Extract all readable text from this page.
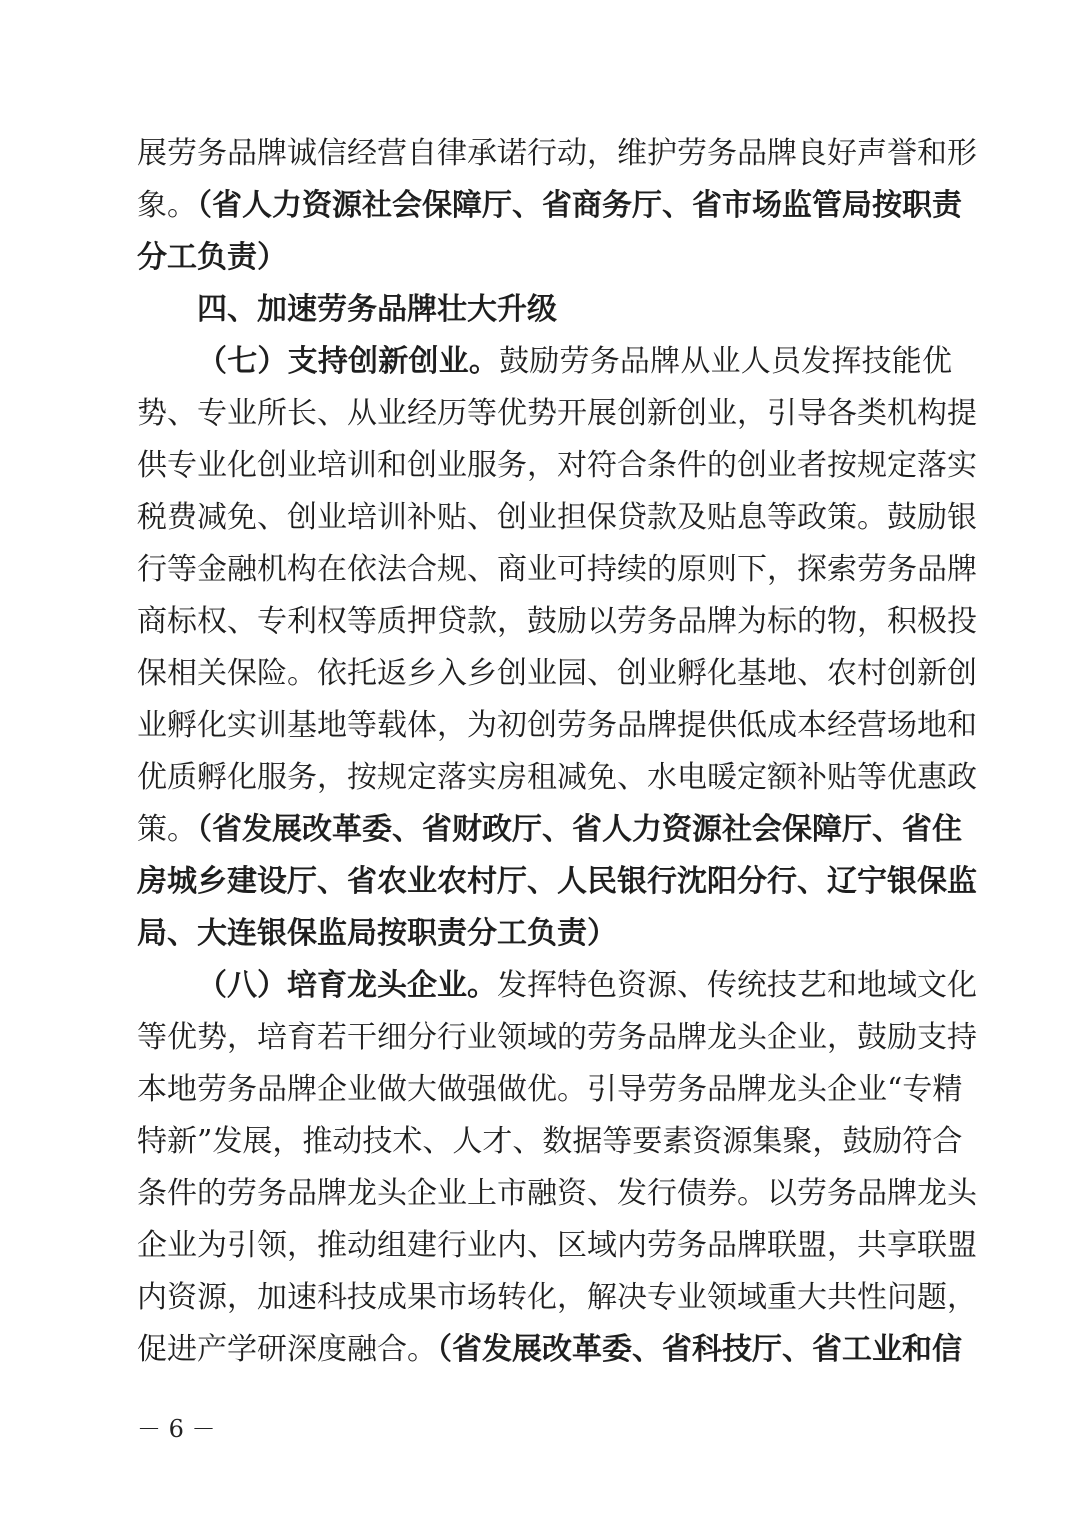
展劳务品牌诚信经营自律承诺行动，维护劳务品牌良好声誉和形
象。（省人力资源社会保障厅、省商务厅、省市场监管局按职责
分工负责）
四、加速劳务品牌壮大升级
（七）支持创新创业。鼓励劳务品牌从业人员发挥技能优
势、专业所长、从业经历等优势开展创新创业，引导各类机构提
供专业化创业培训和创业服务，对符合条件的创业者按规定落实
税费减免、创业培训补贴、创业担保贷款及贴息等政策。鼓励银
行等金融机构在依法合规、商业可持续的原则下，探索劳务品牌
商标权、专利权等质押贷款，鼓励以劳务品牌为标的物，积极投
保相关保险。依托返乡入乡创业园、创业孵化基地、农村创新创
业孵化实训基地等载体，为初创劳务品牌提供低成本经营场地和
优质孵化服务，按规定落实房租减免、水电暖定额补贴等优惠政
策。（省发展改革委、省财政厅、省人力资源社会保障厅、省住
房城乡建设厅、省农业农村厅、人民银行沈阳分行、辽宁银保监
局、大连银保监局按职责分工负责）
（八）培育龙头企业。发挥特色资源、传统技艺和地域文化
等优势，培育若干细分行业领域的劳务品牌龙头企业，鼓励支持
本地劳务品牌企业做大做强做优。引导劳务品牌龙头企业“专精
特新”发展，推动技术、人才、数据等要素资源集聚，鼓励符合
条件的劳务品牌龙头企业上市融资、发行债券。以劳务品牌龙头
企业为引领，推动组建行业内、区域内劳务品牌联盟，共享联盟
内资源，加速科技成果市场转化，解决专业领域重大共性问题，
促进产学研深度融合。（省发展改革委、省科技厅、省工业和信
－ 6 －
